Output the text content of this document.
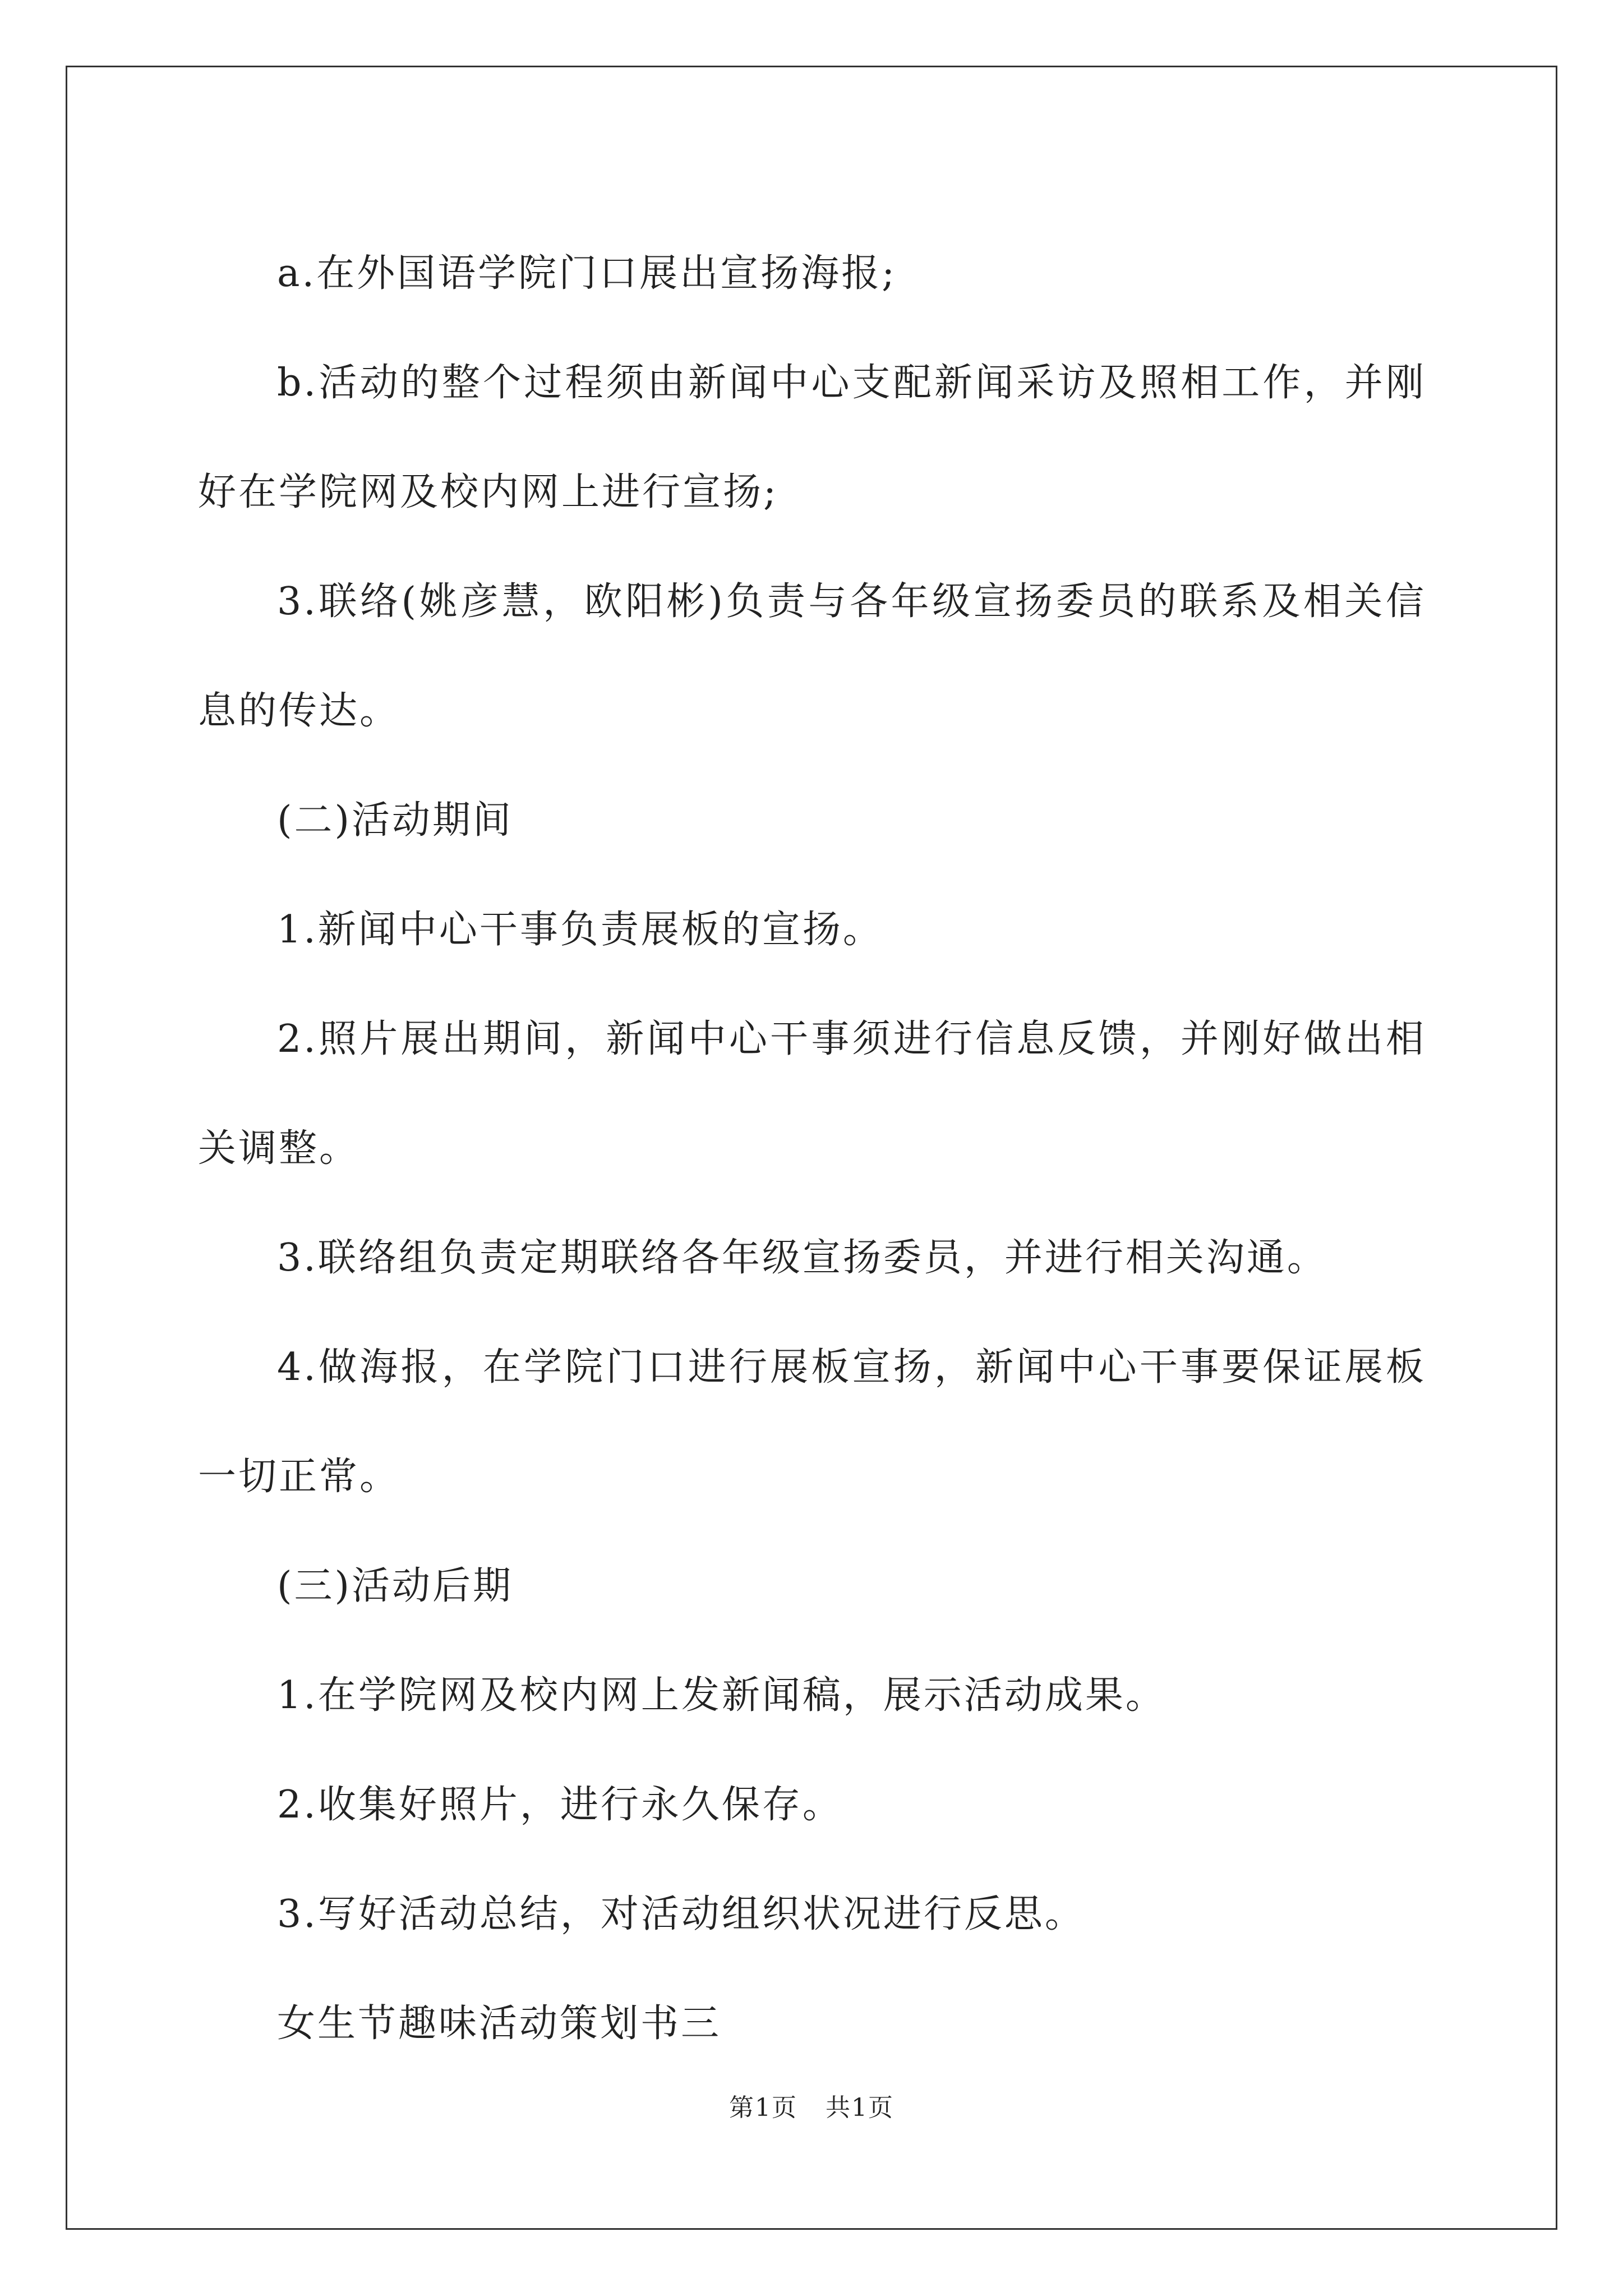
a.在外国语学院门口展出宣扬海报;

b.活动的整个过程须由新闻中心支配新闻采访及照相工作，并刚好在学院网及校内网上进行宣扬;

3.联络(姚彦慧，欧阳彬)负责与各年级宣扬委员的联系及相关信息的传达。

(二)活动期间

1.新闻中心干事负责展板的宣扬。

2.照片展出期间，新闻中心干事须进行信息反馈，并刚好做出相关调整。

3.联络组负责定期联络各年级宣扬委员，并进行相关沟通。

4.做海报，在学院门口进行展板宣扬，新闻中心干事要保证展板一切正常。

(三)活动后期

1.在学院网及校内网上发新闻稿，展示活动成果。

2.收集好照片，进行永久保存。

3.写好活动总结，对活动组织状况进行反思。

女生节趣味活动策划书三

第1页 共1页
